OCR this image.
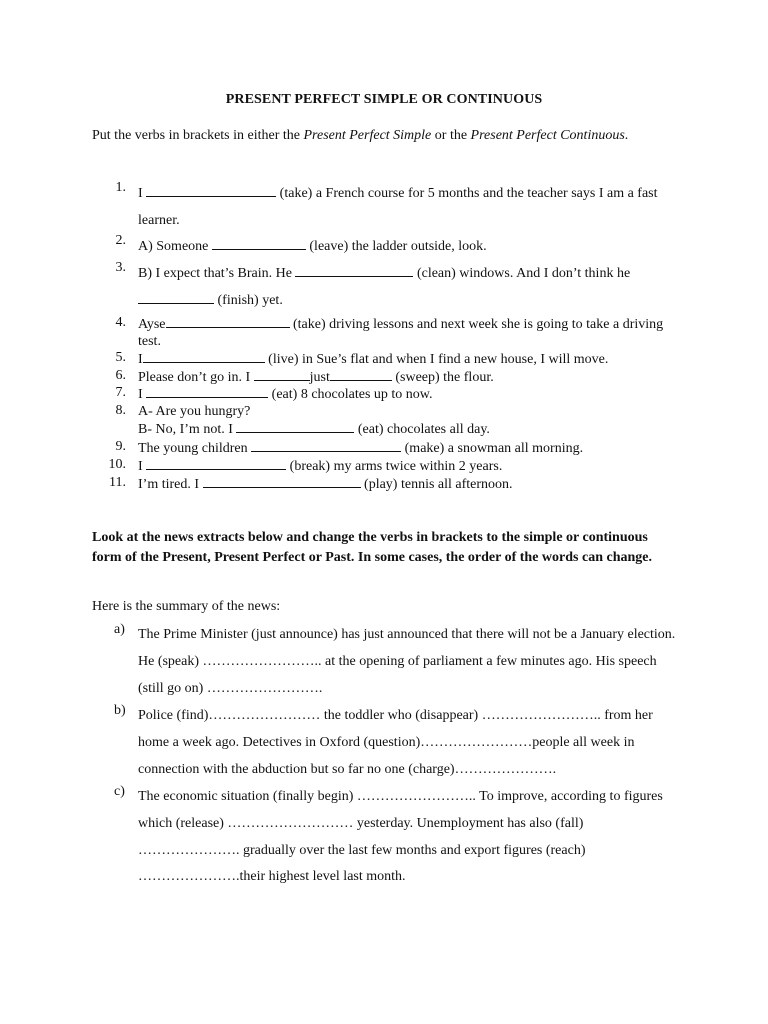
PRESENT PERFECT SIMPLE OR CONTINUOUS
Put the verbs in brackets in either the Present Perfect Simple or the Present Perfect Continuous.
1. I	(take) a French course for 5 months and the teacher says I am a fast learner.
2. A) Someone	(leave) the ladder outside, look.
3. B) I expect that’s Brain. He	(clean) windows. And I don’t think he  (finish) yet.
4. Ayse	(take) driving lessons and next week she is going to take a driving test.
5. I	(live) in Sue’s flat and when I find a new house, I will move.
6. Please don’t go in. I	just	(sweep) the flour.
7. I	(eat) 8 chocolates up to now.
8. A- Are you hungry?
B- No, I’m not. I	(eat) chocolates all day.
9. The young children	(make) a snowman all morning.
10. I	(break) my arms twice within 2 years.
11. I’m tired. I	(play) tennis all afternoon.
Look at the news extracts below and change the verbs in brackets to the simple or continuous form of the Present, Present Perfect or Past. In some cases, the order of the words can change.
Here is the summary of the news:
a) The Prime Minister (just announce) has just announced that there will not be a January election. He (speak) …………………….. at the opening of parliament a few minutes ago. His speech (still go on) …………………….
b) Police (find)…………………… the toddler who (disappear) …………………….. from her home a week ago. Detectives in Oxford (question)……………………people all week in connection with the abduction but so far no one (charge)………………….
c) The economic situation (finally begin) …………………….. To improve, according to figures which (release) ……………………… yesterday. Unemployment has also (fall) …………………. gradually over the last few months and export figures (reach) ………………….their highest level last month.
